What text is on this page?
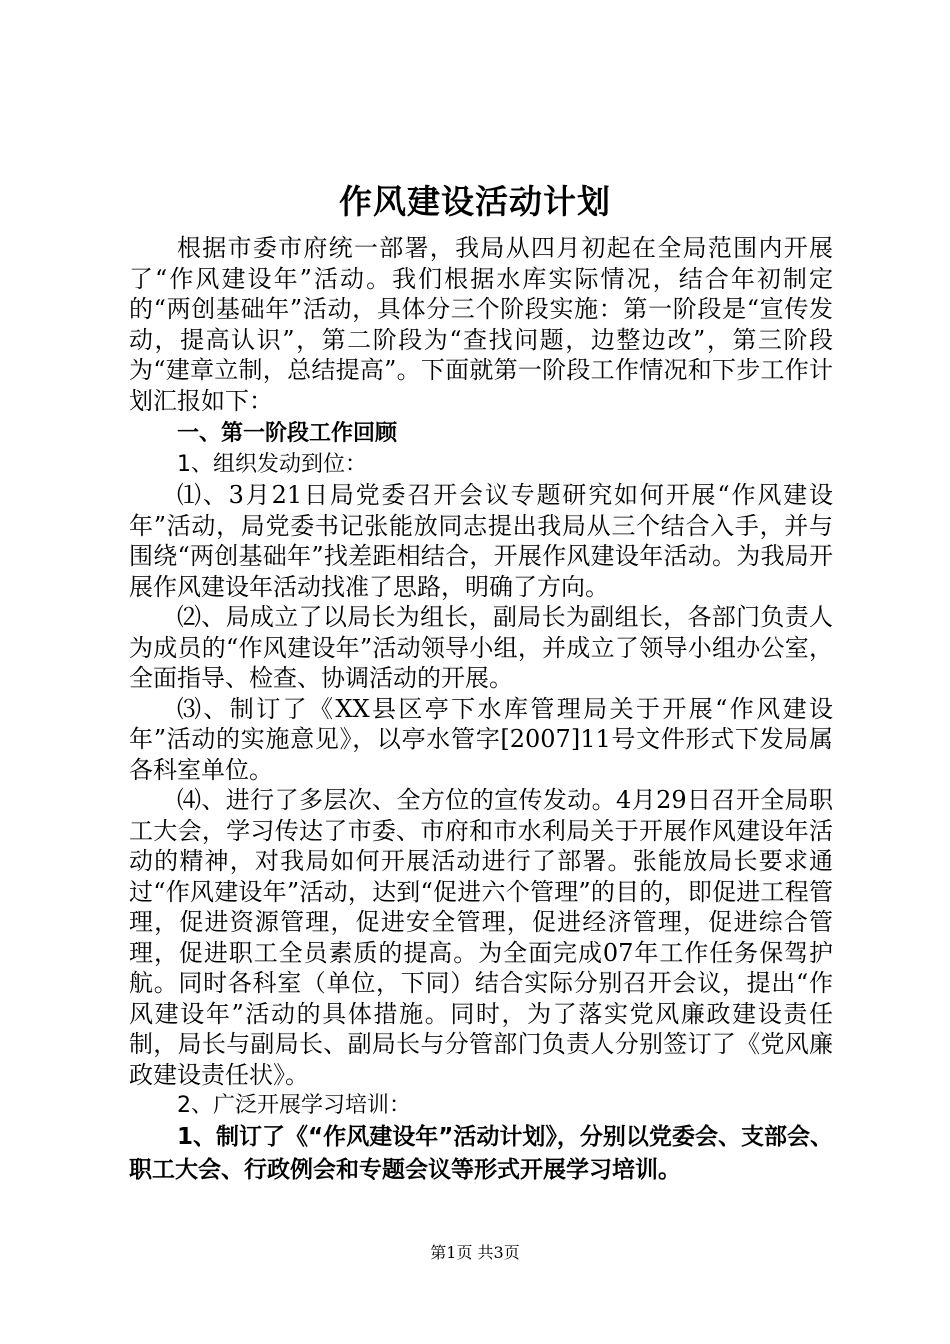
作风建设活动计划

根据市委市府统一部署，我局从四月初起在全局范围内开展了“作风建设年”活动。我们根据水库实际情况，结合年初制定的“两创基础年”活动，具体分三个阶段实施：第一阶段是“宣传发动，提高认识”，第二阶段为“查找问题，边整边改”，第三阶段为“建章立制，总结提高”。下面就第一阶段工作情况和下步工作计划汇报如下：

一、第一阶段工作回顾

1、组织发动到位：

⑴、3月21日局党委召开会议专题研究如何开展“作风建设年”活动，局党委书记张能放同志提出我局从三个结合入手，并与围绕“两创基础年”找差距相结合，开展作风建设年活动。为我局开展作风建设年活动找准了思路，明确了方向。

⑵、局成立了以局长为组长，副局长为副组长，各部门负责人为成员的“作风建设年”活动领导小组，并成立了领导小组办公室，全面指导、检查、协调活动的开展。

⑶、制订了《XX县区亭下水库管理局关于开展“作风建设年”活动的实施意见》，以亭水管字[2007]11号文件形式下发局属各科室单位。

⑷、进行了多层次、全方位的宣传发动。4月29日召开全局职工大会，学习传达了市委、市府和市水利局关于开展作风建设年活动的精神，对我局如何开展活动进行了部署。张能放局长要求通过“作风建设年”活动，达到“促进六个管理”的目的，即促进工程管理，促进资源管理，促进安全管理，促进经济管理，促进综合管理，促进职工全员素质的提高。为全面完成07年工作任务保驾护航。同时各科室（单位，下同）结合实际分别召开会议，提出“作风建设年”活动的具体措施。同时，为了落实党风廉政建设责任制，局长与副局长、副局长与分管部门负责人分别签订了《党风廉政建设责任状》。

2、广泛开展学习培训：

1、制订了《“作风建设年”活动计划》，分别以党委会、支部会、职工大会、行政例会和专题会议等形式开展学习培训。

第1页 共3页
